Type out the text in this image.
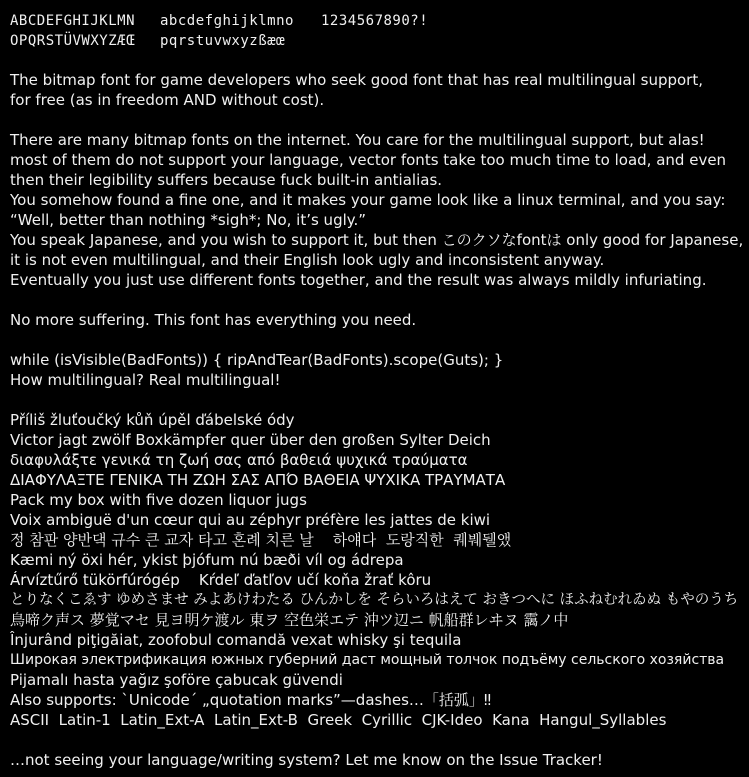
ABCDEFGHIJKLMN
OPQRSTÜVWXYZÆŒ
abcdefghijklmno
pqrstuvwxyzßæœ
1234567890?!
The bitmap font for game developers who seek good font that has real multilingual support,
for free (as in freedom AND without cost).
There are many bitmap fonts on the internet. You care for the multilingual support, but alas!
most of them do not support your language, vector fonts take too much time to load, and even
then their legibility suffers because fuck built-in antialias.
You somehow found a fine one, and it makes your game look like a linux terminal, and you say:
“Well, better than nothing *sigh*; No, it’s ugly.”
You speak Japanese, and you wish to support it, but then このクソなfontは only good for Japanese,
it is not even multilingual, and their English look ugly and inconsistent anyway.
Eventually you just use different fonts together, and the result was always mildly infuriating.
No more suffering. This font has everything you need.
while (isVisible(BadFonts)) { ripAndTear(BadFonts).scope(Guts); }
How multilingual? Real multilingual!
Příliš žluťoučký kůň úpěl ďábelské ódy
Victor jagt zwölf Boxkämpfer quer über den großen Sylter Deich
διαφυλάξτε γενικά τη ζωή σας από βαθειά ψυχικά τραύματα
ΔΙΑΦΥΛΑΞΤΕ ΓΕΝΙΚΑ ΤΗ ΖΩΗ ΣΑΣ ΑΠΌ ΒΑΘΕΙΑ ΨΥΧΙΚΑ ΤΡΑΥΜΑΤΑ
Pack my box with five dozen liquor jugs
Voix ambiguë d'un cœur qui au zéphyr préfère les jattes de kiwi
정 참판 양반댁 규수 큰 교자 타고 혼례 치른 날    하얘다  도랑직한  퀘붸뒐앴
Kæmi ný öxi hér, ykist þjófum nú bæði víl og ádrepa
Árvíztűrő tükörfúrógép    Kŕdeľ ďatľov učí koňa žrať kôru
とりなくこゑす ゆめさませ みよあけわたる ひんかしを そらいろはえて おきつへに ほふねむれゐぬ もやのうち
鳥啼ク声ス 夢覚マセ 見ヨ明ケ渡ル 東ヲ 空色栄エテ 沖ツ辺ニ 帆船群レヰヌ 靄ノ中
Înjurând piţigăiat, zoofobul comandă vexat whisky şi tequila
Широкая электрификация южных губерний даст мощный толчок подъёму сельского хозяйства
Pijamalı hasta yağız şoföre çabucak güvendi
Also supports: `Unicode´ „quotation marks”—dashes…「括弧」‼
ASCII  Latin-1  Latin_Ext-A  Latin_Ext-B  Greek  Cyrillic  CJK-Ideo  Kana  Hangul_Syllables
…not seeing your language/writing system? Let me know on the Issue Tracker!
